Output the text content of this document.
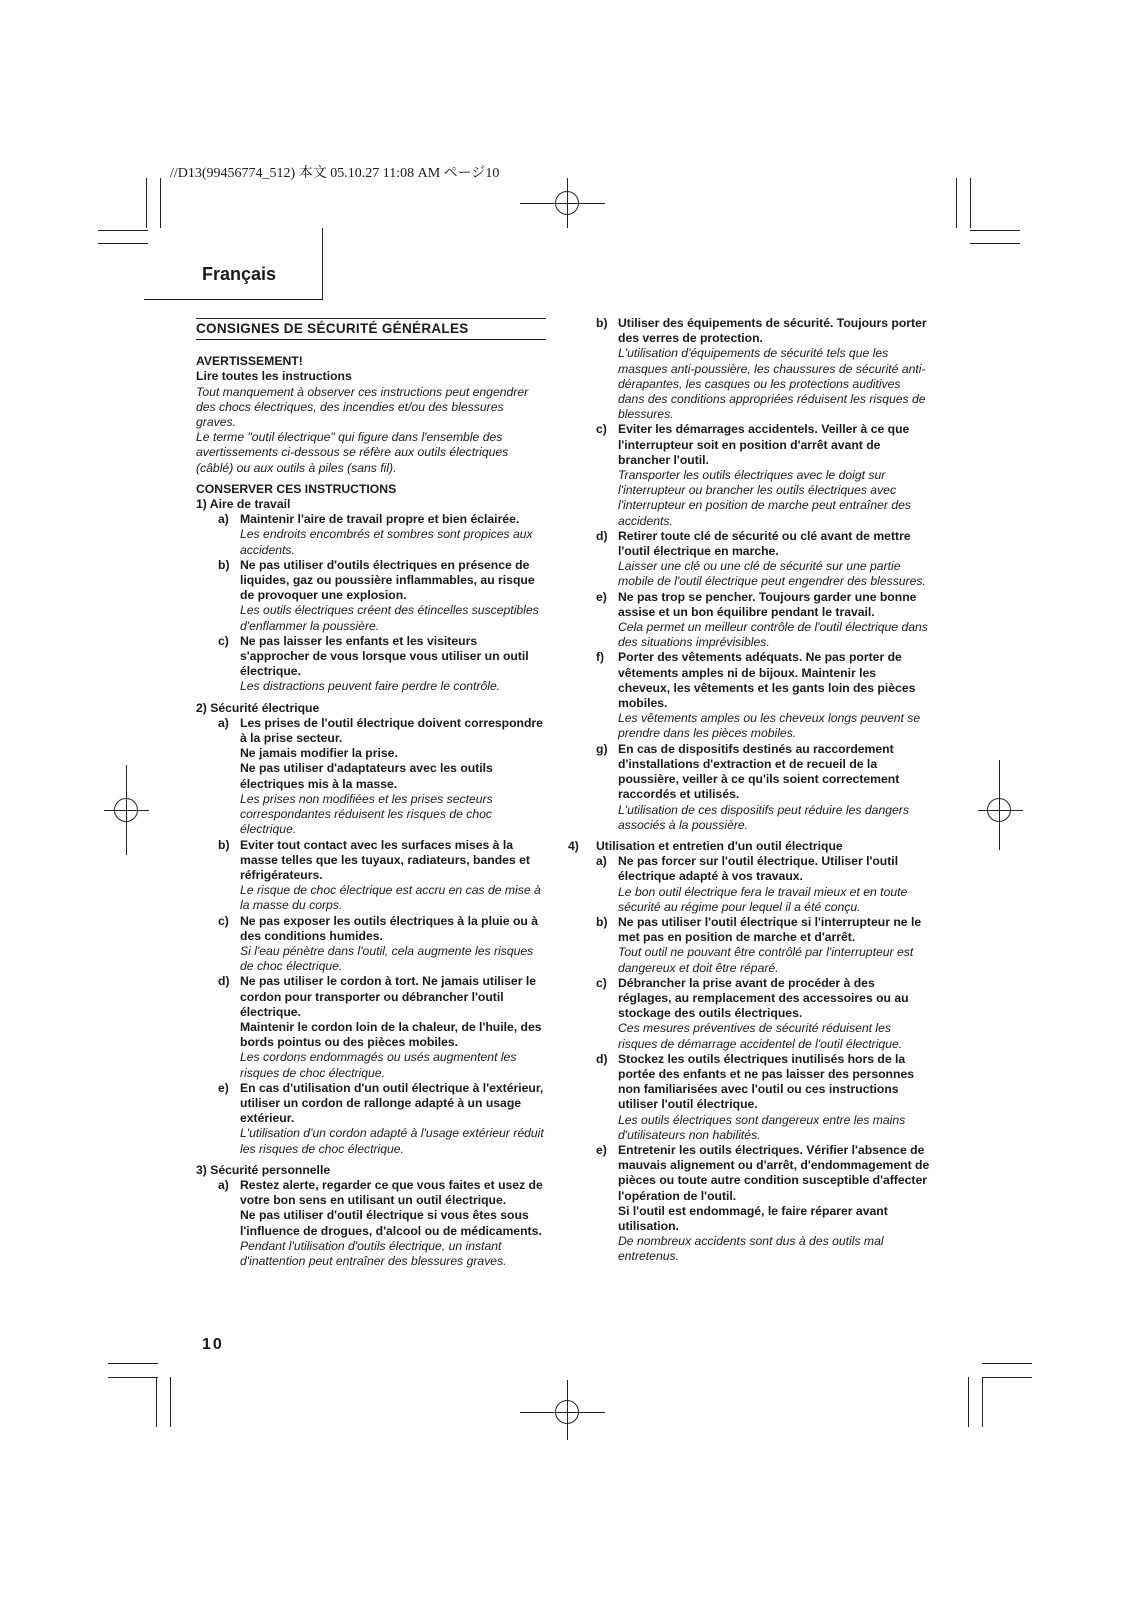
//D13(99456774_512) 本文 05.10.27 11:08 AM ページ10
Français
CONSIGNES DE SÉCURITÉ GÉNÉRALES

AVERTISSEMENT!

Lire toutes les instructions

Tout manquement à observer ces instructions peut engendrer des chocs électriques, des incendies et/ou des blessures graves.

Le terme "outil électrique" qui figure dans l'ensemble des avertissements ci-dessous se réfère aux outils électriques (câblé) ou aux outils à piles (sans fil).

CONSERVER CES INSTRUCTIONS

1) Aire de travail

a) Maintenir l'aire de travail propre et bien éclairée.

Les endroits encombrés et sombres sont propices aux accidents.

b) Ne pas utiliser d'outils électriques en présence de liquides, gaz ou poussière inflammables, au risque de provoquer une explosion.

Les outils électriques créent des étincelles susceptibles d'enflammer la poussière.

c) Ne pas laisser les enfants et les visiteurs s'approcher de vous lorsque vous utiliser un outil électrique.

Les distractions peuvent faire perdre le contrôle.

2) Sécurité électrique

a) Les prises de l'outil électrique doivent correspondre à la prise secteur.

Ne jamais modifier la prise.

Ne pas utiliser d'adaptateurs avec les outils électriques mis à la masse.

Les prises non modifiées et les prises secteurs correspondantes réduisent les risques de choc électrique.

b) Eviter tout contact avec les surfaces mises à la masse telles que les tuyaux, radiateurs, bandes et réfrigérateurs.

Le risque de choc électrique est accru en cas de mise à la masse du corps.

c) Ne pas exposer les outils électriques à la pluie ou à des conditions humides.

Si l'eau pénètre dans l'outil, cela augmente les risques de choc électrique.

d) Ne pas utiliser le cordon à tort. Ne jamais utiliser le cordon pour transporter ou débrancher l'outil électrique.

Maintenir le cordon loin de la chaleur, de l'huile, des bords pointus ou des pièces mobiles.

Les cordons endommagés ou usés augmentent les risques de choc électrique.

e) En cas d'utilisation d'un outil électrique à l'extérieur, utiliser un cordon de rallonge adapté à un usage extérieur.

L'utilisation d'un cordon adapté à l'usage extérieur réduit les risques de choc électrique.

3) Sécurité personnelle

a) Restez alerte, regarder ce que vous faites et usez de votre bon sens en utilisant un outil électrique.

Ne pas utiliser d'outil électrique si vous êtes sous l'influence de drogues, d'alcool ou de médicaments.

Pendant l'utilisation d'outils électrique, un instant d'inattention peut entraîner des blessures graves.

b) Utiliser des équipements de sécurité. Toujours porter des verres de protection.

L'utilisation d'équipements de sécurité tels que les masques anti-poussière, les chaussures de sécurité anti-dérapantes, les casques ou les protections auditives dans des conditions appropriées réduisent les risques de blessures.

c) Eviter les démarrages accidentels. Veiller à ce que l'interrupteur soit en position d'arrêt avant de brancher l'outil.

Transporter les outils électriques avec le doigt sur l'interrupteur ou brancher les outils électriques avec l'interrupteur en position de marche peut entraîner des accidents.

d) Retirer toute clé de sécurité ou clé avant de mettre l'outil électrique en marche.

Laisser une clé ou une clé de sécurité sur une partie mobile de l'outil électrique peut engendrer des blessures.

e) Ne pas trop se pencher. Toujours garder une bonne assise et un bon équilibre pendant le travail.

Cela permet un meilleur contrôle de l'outil électrique dans des situations imprévisibles.

f)	Porter des vêtements adéquats. Ne pas porter de vêtements amples ni de bijoux. Maintenir les cheveux, les vêtements et les gants loin des pièces mobiles.

Les vêtements amples ou les cheveux longs peuvent se prendre dans les pièces mobiles.

g) En cas de dispositifs destinés au raccordement d'installations d'extraction et de recueil de la poussière, veiller à ce qu'ils soient correctement raccordés et utilisés.

L'utilisation de ces dispositifs peut réduire les dangers associés à la poussière.

4)	Utilisation et entretien d'un outil électrique

a) Ne pas forcer sur l'outil électrique. Utiliser l'outil électrique adapté à vos travaux.

Le bon outil électrique fera le travail mieux et en toute sécurité au régime pour lequel il a été conçu.

b) Ne pas utiliser l'outil électrique si l'interrupteur ne le met pas en position de marche et d'arrêt.

Tout outil ne pouvant être contrôlé par l'interrupteur est dangereux et doit être réparé.

c) Débrancher la prise avant de procéder à des réglages, au remplacement des accessoires ou au stockage des outils électriques.

Ces mesures préventives de sécurité réduisent les risques de démarrage accidentel de l'outil électrique.

d) Stockez les outils électriques inutilisés hors de la portée des enfants et ne pas laisser des personnes non familiarisées avec l'outil ou ces instructions utiliser l'outil électrique.

Les outils électriques sont dangereux entre les mains d'utilisateurs non habilités.

e) Entretenir les outils électriques. Vérifier l'absence de mauvais alignement ou d'arrêt, d'endommagement de pièces ou toute autre condition susceptible d'affecter l'opération de l'outil.

Si l'outil est endommagé, le faire réparer avant utilisation.

De nombreux accidents sont dus à des outils mal entretenus.

10
